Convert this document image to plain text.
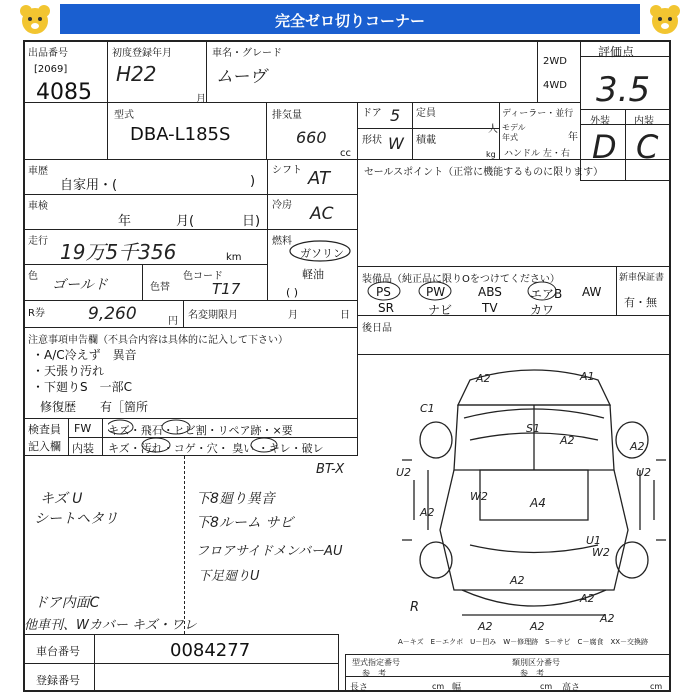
完全ゼロ切りコーナー
出品番号
[2069]
4085
初度登録年月
H22
月
車名・グレード
ムーヴ
2WD
4WD
評価点
3.5
外装 内装
D C
型式
DBA-L185S
排気量
660
cc
ドア 5
形状 W
定員
人
積載
kg
ディーラー・並行
モデル
年式	年
ハンドル 左・右
車歴
自家用・(	)
シフト AT	セールスポイント（正常に機能するものに限ります）
車検
年	月(	日)
冷房 AC
走行 19万5千356	km
燃料
ガソリン
軽油
( )
色
ゴールド	色替
色コード
T17
装備品（純正品に限りOをつけてください）
PS	PW	ABS エアB AW
SR	ナビ TV	カワ
新車保証書
有・無
R券	9,260	円
名変期限月	月	日
後日品
注意事項申告欄（不具合内容は具体的に記入して下さい）
・A/C冷えず　異音
・天張り汚れ
・下廻りS　一部C
修復歴　　有［箇所
検査員
記入欄
FW キズ・飛石・ヒビ割・リペア跡・×要
内装 キズ・汚れ・コゲ・穴・ 臭い ・キレ・破レ
BT-X
キズ U
シートヘタリ
下8廻り異音
下8ルーム サビ
フロアサイドメンバーAU
下足廻りU
ドア内面C
他車刊、Wカバー キズ・ワレ
A2	A1
C1
S1
A2	A2
U2	U2
W2	A4
A2
U1
W2
A2
A2	A2
A2
A2
R
A－キズ　E－エクボ　U－凹み　W－修理跡　S－サビ　C－腐食　XX－交換跡
車台番号	0084277
登録番号
型式指定番号	類別区分番号
参　考	参　考
長さ	cm 幅	cm 高さ	cm
